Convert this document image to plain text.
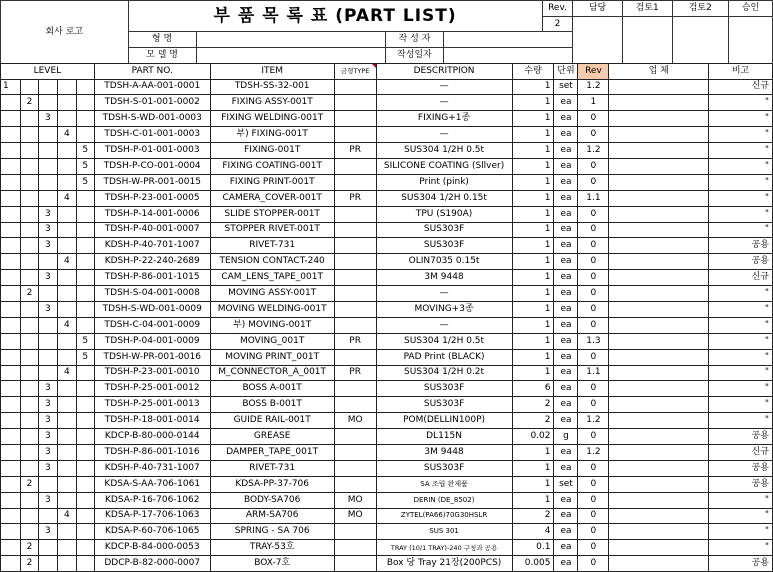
회사 로고	부 품 목 록 표 (PART LIST)				Rev.	담당	검토1	검토2	승인
					2				
	형 명		작 성 자						
	모 델 명		작성일자						
LEVEL					PART NO.	ITEM	금형TYPE	DESCRITPION	수량	단위	Rev	업 체	비고
1					TDSH-A-AA-001-0001	TDSH-SS-32-001		—	1	set	1.2		신규
	2				TDSH-S-01-001-0002	FIXING ASSY-001T		—	1	ea	1		"
		3			TDSH-S-WD-001-0003	FIXING WELDING-001T		FIXING+1종	1	ea	0		"
			4		TDSH-C-01-001-0003	부) FIXING-001T		—	1	ea	0		"
				5	TDSH-P-01-001-0003	FIXING-001T	PR	SUS304 1/2H 0.5t	1	ea	1.2		"
				5	TDSH-P-CO-001-0004	FIXING COATING-001T		SILICONE COATING (Sllver)	1	ea	0		"
				5	TDSH-W-PR-001-0015	FIXING PRINT-001T		Print (pink)	1	ea	0		"
			4		TDSH-P-23-001-0005	CAMERA_COVER-001T	PR	SUS304 1/2H 0.15t	1	ea	1.1		"
		3			TDSH-P-14-001-0006	SLIDE STOPPER-001T		TPU (S190A)	1	ea	0		"
		3			TDSH-P-40-001-0007	STOPPER RIVET-001T		SUS303F	1	ea	0		"
		3			KDSH-P-40-701-1007	RIVET-731		SUS303F	1	ea	0		공용
			4		KDSH-P-22-240-2689	TENSION CONTACT-240		OLIN7035 0.15t	1	ea	0		공용
		3			TDSH-P-86-001-1015	CAM_LENS_TAPE_001T		3M 9448	1	ea	0		신규
	2				TDSH-S-04-001-0008	MOVING ASSY-001T		—	1	ea	0		"
		3			TDSH-S-WD-001-0009	MOVING WELDING-001T		MOVING+3종	1	ea	0		"
			4		TDSH-C-04-001-0009	부) MOVING-001T		—	1	ea	0		"
				5	TDSH-P-04-001-0009	MOVING_001T	PR	SUS304 1/2H 0.5t	1	ea	1.3		"
				5	TDSH-W-PR-001-0016	MOVING PRINT_001T		PAD Print (BLACK)	1	ea	0		"
			4		TDSH-P-23-001-0010	M_CONNECTOR_A_001T	PR	SUS304 1/2H 0.2t	1	ea	1.1		"
		3			TDSH-P-25-001-0012	BOSS A-001T		SUS303F	6	ea	0		"
		3			TDSH-P-25-001-0013	BOSS B-001T		SUS303F	2	ea	0		"
		3			TDSH-P-18-001-0014	GUIDE RAIL-001T	MO	POM(DELLIN100P)	2	ea	1.2		"
		3			KDCP-B-80-000-0144	GREASE		DL115N	0.02	g	0		공용
		3			TDSH-P-86-001-1016	DAMPER_TAPE_001T		3M 9448	1	ea	1.2		신규
		3			KDSH-P-40-731-1007	RIVET-731		SUS303F	1	ea	0		공용
	2				KDSA-S-AA-706-1061	KDSA-PP-37-706		SA 조립 완제품	1	set	0		공용
		3			KDSA-P-16-706-1062	BODY-SA706	MO	DERIN (DE_8502)	1	ea	0		"
			4		KDSA-P-17-706-1063	ARM-SA706	MO	ZYTEL(PA66)70G30HSLR	2	ea	0		"
		3			KDSA-P-60-706-1065	SPRING - SA 706		SUS 301	4	ea	0		"
	2				KDCP-B-84-000-0053	TRAY-53호		TRAY (10/1 TRAY)-240 구청과 공용	0.1	ea	0		"
	2				DDCP-B-82-000-0007	BOX-7호		Box 당 Tray 21장(200PCS)	0.005	ea	0		공용
